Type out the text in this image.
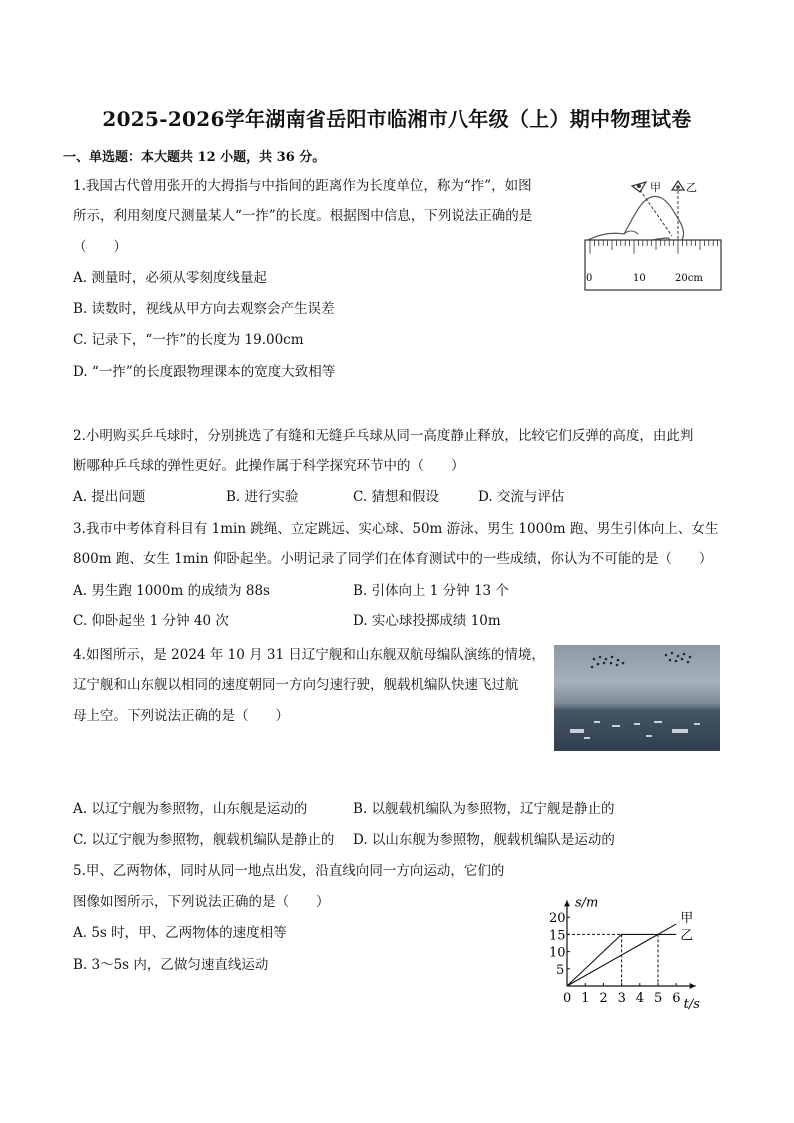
2025-2026学年湖南省岳阳市临湘市八年级（上）期中物理试卷
一、单选题：本大题共 12 小题，共 36 分。
1.我国古代曾用张开的大拇指与中指间的距离作为长度单位，称为“拃”，如图
所示，利用刻度尺测量某人“一拃”的长度。根据图中信息，下列说法正确的是
（　　）
A. 测量时，必须从零刻度线量起
B. 读数时，视线从甲方向去观察会产生误差
C. 记录下，“一拃”的长度为 19.00cm
D. “一拃”的长度跟物理课本的宽度大致相等
甲 乙
0	10	20cm
2.小明购买乒乓球时，分别挑选了有缝和无缝乒乓球从同一高度静止释放，比较它们反弹的高度，由此判
断哪种乒乓球的弹性更好。此操作属于科学探究环节中的（　　）
A. 提出问题	B. 进行实验	C. 猜想和假设	D. 交流与评估
3.我市中考体育科目有 1min 跳绳、立定跳远、实心球、50m 游泳、男生 1000m 跑、男生引体向上、女生
800m 跑、女生 1min 仰卧起坐。小明记录了同学们在体育测试中的一些成绩，你认为不可能的是（　　）
A. 男生跑 1000m 的成绩为 88s	B. 引体向上 1 分钟 13 个
C. 仰卧起坐 1 分钟 40 次	D. 实心球投掷成绩 10m
4.如图所示，是 2024 年 10 月 31 日辽宁舰和山东舰双航母编队演练的情境，
辽宁舰和山东舰以相同的速度朝同一方向匀速行驶，舰载机编队快速飞过航
母上空。下列说法正确的是（　　）
A. 以辽宁舰为参照物，山东舰是运动的	B. 以舰载机编队为参照物，辽宁舰是静止的
C. 以辽宁舰为参照物，舰载机编队是静止的 D. 以山东舰为参照物，舰载机编队是运动的
5.甲、乙两物体，同时从同一地点出发，沿直线向同一方向运动，它们的
图像如图所示，下列说法正确的是（　　）
A. 5s 时，甲、乙两物体的速度相等
B. 3～5s 内，乙做匀速直线运动
s/m
t/s
0 1 2 3 4 5 6
5
10
15
20	甲
乙
